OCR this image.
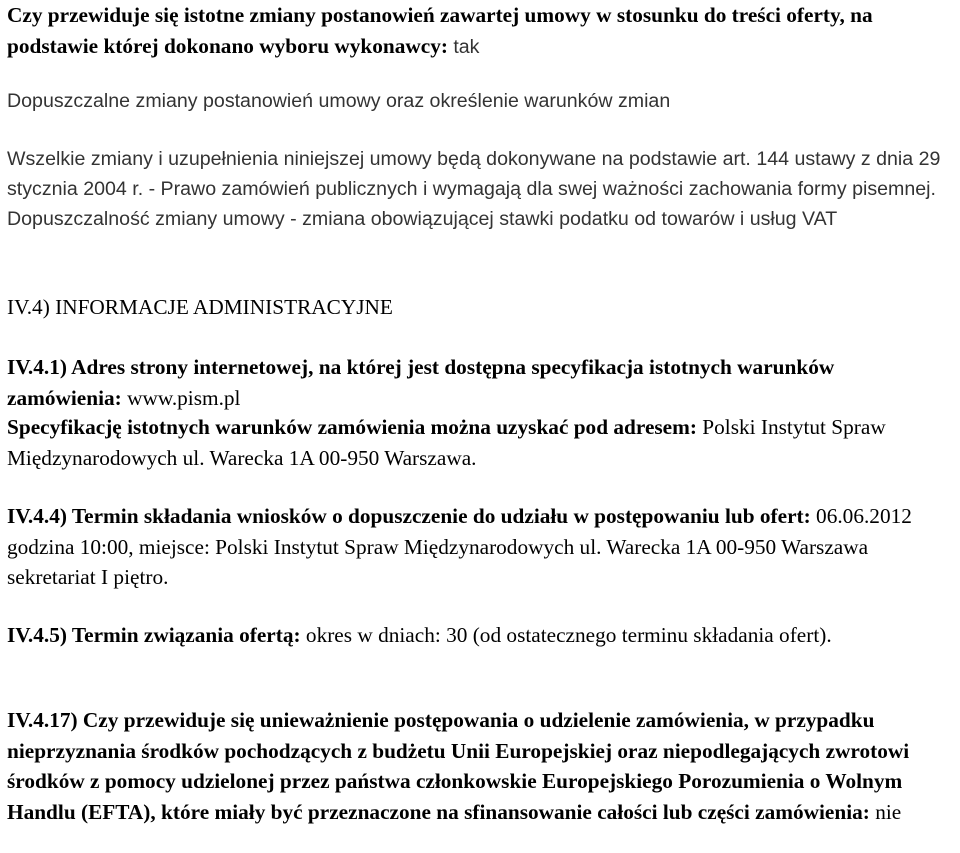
Czy przewiduje się istotne zmiany postanowień zawartej umowy w stosunku do treści oferty, na podstawie której dokonano wyboru wykonawcy: tak

Dopuszczalne zmiany postanowień umowy oraz określenie warunków zmian

Wszelkie zmiany i uzupełnienia niniejszej umowy będą dokonywane na podstawie art. 144 ustawy z dnia 29 stycznia 2004 r. - Prawo zamówień publicznych i wymagają dla swej ważności zachowania formy pisemnej. Dopuszczalność zmiany umowy - zmiana obowiązującej stawki podatku od towarów i usług VAT

IV.4) INFORMACJE ADMINISTRACYJNE

IV.4.1) Adres strony internetowej, na której jest dostępna specyfikacja istotnych warunków zamówienia: www.pism.pl

Specyfikację istotnych warunków zamówienia można uzyskać pod adresem: Polski Instytut Spraw Międzynarodowych ul. Warecka 1A 00-950 Warszawa.

IV.4.4) Termin składania wniosków o dopuszczenie do udziału w postępowaniu lub ofert: 06.06.2012 godzina 10:00, miejsce: Polski Instytut Spraw Międzynarodowych ul. Warecka 1A 00-950 Warszawa sekretariat I piętro.

IV.4.5) Termin związania ofertą: okres w dniach: 30 (od ostatecznego terminu składania ofert).

IV.4.17) Czy przewiduje się unieważnienie postępowania o udzielenie zamówienia, w przypadku nieprzyznania środków pochodzących z budżetu Unii Europejskiej oraz niepodlegających zwrotowi środków z pomocy udzielonej przez państwa członkowskie Europejskiego Porozumienia o Wolnym Handlu (EFTA), które miały być przeznaczone na sfinansowanie całości lub części zamówienia: nie
